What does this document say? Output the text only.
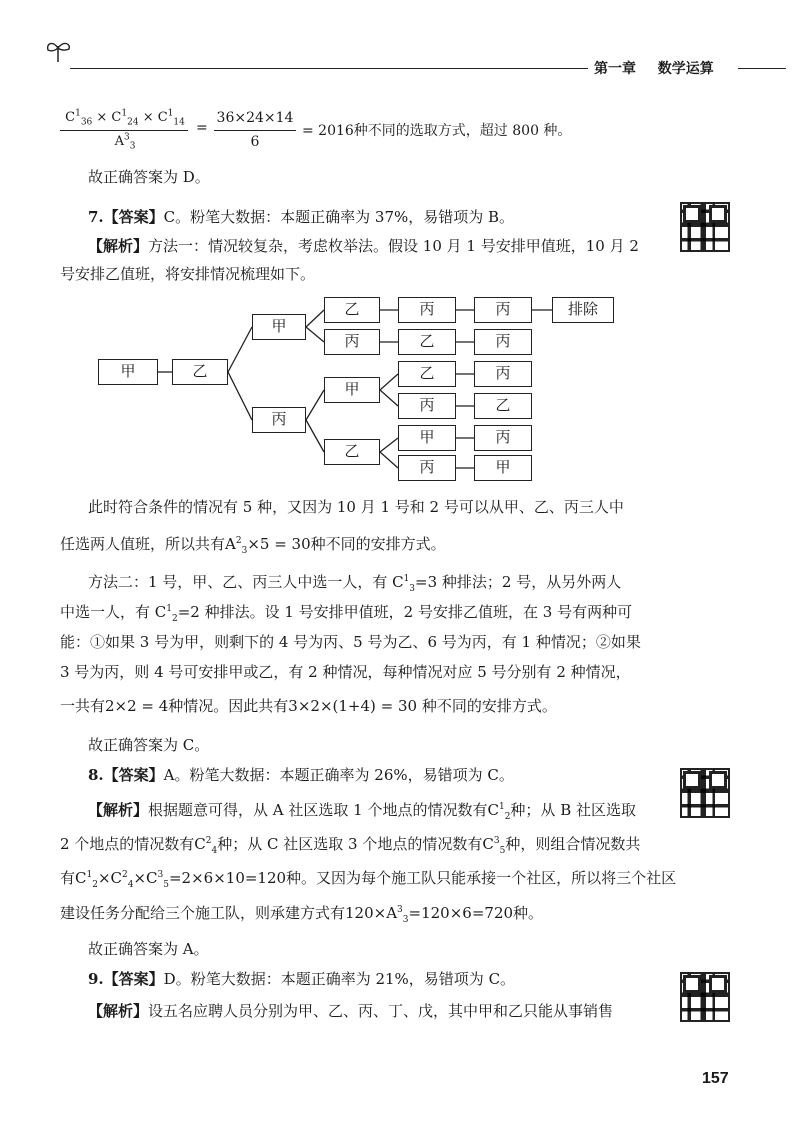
第一章 数学运算
$C^1_{36} \times C^1_{24} \times C^1_{14}$
$A^3_3$
=
36×24×14
6
= 2016种不同的选取方式，超过 800 种。
故正确答案为 D。
7.【答案】C。粉笔大数据：本题正确率为 37%，易错项为 B。
【解析】方法一：情况较复杂，考虑枚举法。假设 10 月 1 号安排甲值班，10 月 2
号安排乙值班，将安排情况梳理如下。
甲	乙
甲
丙
乙	丙	丙	排除
丙	乙	丙
甲
乙
乙	丙
丙	乙
甲	丙
丙	甲
此时符合条件的情况有 5 种，又因为 10 月 1 号和 2 号可以从甲、乙、丙三人中
任选两人值班，所以共有$A^2_3\times 5 = 30$种不同的安排方式。
方法二：1 号，甲、乙、丙三人中选一人，有 $C^1_3=3$ 种排法；2 号，从另外两人
中选一人，有 $C^1_2=2$ 种排法。设 1 号安排甲值班，2 号安排乙值班，在 3 号有两种可
能：①如果 3 号为甲，则剩下的 4 号为丙、5 号为乙、6 号为丙，有 1 种情况；②如果
3 号为丙，则 4 号可安排甲或乙，有 2 种情况，每种情况对应 5 号分别有 2 种情况，
一共有2×2 = 4种情况。因此共有3×2×(1+4) = 30 种不同的安排方式。
故正确答案为 C。
8.【答案】A。粉笔大数据：本题正确率为 26%，易错项为 C。
【解析】根据题意可得，从 A 社区选取 1 个地点的情况数有$C^1_2$种；从 B 社区选取
2 个地点的情况数有$C^2_4$种；从 C 社区选取 3 个地点的情况数有$C^3_5$种，则组合情况数共
有$C^1_2\times C^2_4\times C^3_5=2\times 6\times 10=120$种。又因为每个施工队只能承接一个社区，所以将三个社区
建设任务分配给三个施工队，则承建方式有$120\times A^3_3=120\times 6=720$种。
故正确答案为 A。
9.【答案】D。粉笔大数据：本题正确率为 21%，易错项为 C。
【解析】设五名应聘人员分别为甲、乙、丙、丁、戊，其中甲和乙只能从事销售
157
